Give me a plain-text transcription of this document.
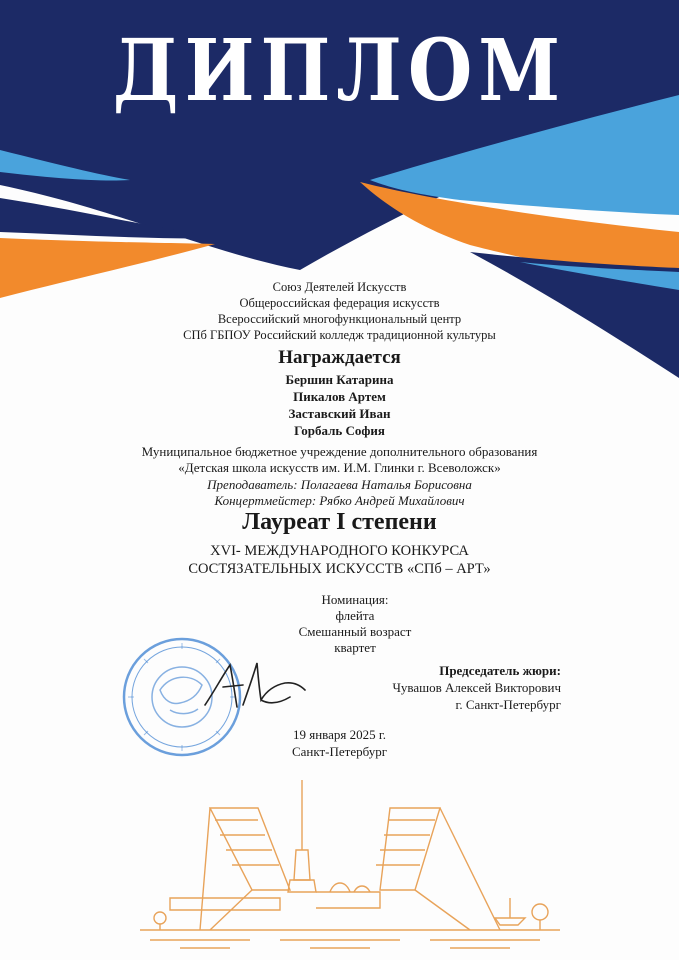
ДИПЛОМ
Союз Деятелей Искусств
Общероссийская федерация искусств
Всероссийский многофункциональный центр
СПб ГБПОУ Российский колледж традиционной культуры
Награждается
Бершин Катарина
Пикалов Артем
Заставский Иван
Горбаль София
Муниципальное бюджетное учреждение дополнительного образования
«Детская школа искусств им. И.М. Глинки г. Всеволожск»
Преподаватель: Полагаева Наталья Борисовна
Концертмейстер: Рябко Андрей Михайлович
Лауреат I степени
XVI- МЕЖДУНАРОДНОГО КОНКУРСА
СОСТЯЗАТЕЛЬНЫХ ИСКУССТВ «СПб – АРТ»
Номинация:
флейта
Смешанный возраст
квартет
Председатель жюри:
Чувашов Алексей Викторович
г. Санкт-Петербург
19 января 2025 г.
Санкт-Петербург
